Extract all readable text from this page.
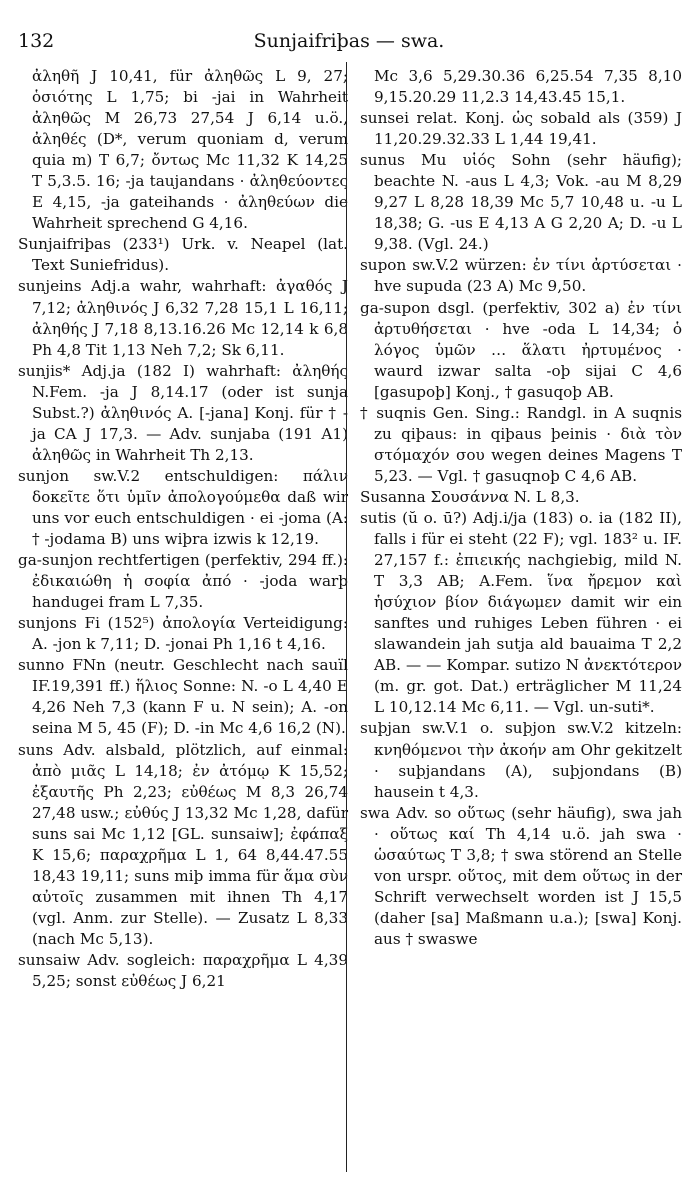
132	Sunjaifriþas — swa.

ἀληθῆ J 10,41, für ἀληθῶς L 9, 27; ὁσιότης L 1,75; bi -jai in Wahrheit ἀληθῶς M 26,73 27,54 J 6,14 u.ö., ἀληθές (D*, verum quoniam d, verum quia m) T 6,7; ὄντως Mc 11,32 K 14,25 T 5,3.5. 16; -ja taujandans · ἀληθεύοντες E 4,15, -ja gateihands · ἀληθεύων die Wahrheit sprechend G 4,16.

Sunjaifriþas (233¹) Urk. v. Neapel (lat. Text Suniefridus).

sunjeins Adj.a wahr, wahrhaft: ἀγαθός J 7,12; ἀληθινός J 6,32 7,28 15,1 L 16,11; ἀληθής J 7,18 8,13.16.26 Mc 12,14 k 6,8 Ph 4,8 Tit 1,13 Neh 7,2; Sk 6,11.

sunjis* Adj.ja (182 I) wahrhaft: ἀληθής N.Fem. -ja J 8,14.17 (oder ist sunja Subst.?) ἀληθινός A. [-jana] Konj. für † -ja CA J 17,3. — Adv. sunjaba (191 A1) ἀληθῶς in Wahrheit Th 2,13.

sunjon sw.V.2 entschuldigen: πάλιν δοκεῖτε ὅτι ὑμῖν ἀπολογούμεθα daß wir uns vor euch entschuldigen · ei -joma (A: † -jodama B) uns wiþra izwis k 12,19.

ga-sunjon rechtfertigen (perfektiv, 294 ff.): ἐδικαιώθη ἡ σοφία ἀπό · -joda warþ handugei fram L 7,35.

sunjons Fi (152⁵) ἀπολογία Verteidigung: A. -jon k 7,11; D. -jonai Ph 1,16 t 4,16.

sunno FNn (neutr. Geschlecht nach sauïl IF.19,391 ff.) ἥλιος Sonne: N. -o L 4,40 E 4,26 Neh 7,3 (kann F u. N sein); A. -on seina M 5, 45 (F); D. -in Mc 4,6 16,2 (N).

suns Adv. alsbald, plötzlich, auf einmal: ἀπὸ μιᾶς L 14,18; ἐν ἀτόμῳ K 15,52; ἐξαυτῆς Ph 2,23; εὐθέως M 8,3 26,74 27,48 usw.; εὐθύς J 13,32 Mc 1,28, dafür suns sai Mc 1,12 [GL. sunsaiw]; ἐφάπαξ K 15,6; παραχρῆμα L 1, 64 8,44.47.55 18,43 19,11; suns miþ imma für ἅμα σὺν αὐτοῖς zusammen mit ihnen Th 4,17 (vgl. Anm. zur Stelle). — Zusatz L 8,33 (nach Mc 5,13).

sunsaiw Adv. sogleich: παραχρῆμα L 4,39 5,25; sonst εὐθέως J 6,21

Mc 3,6 5,29.30.36 6,25.54 7,35 8,10 9,15.20.29 11,2.3 14,43.45 15,1.

sunsei relat. Konj. ὡς sobald als (359) J 11,20.29.32.33 L 1,44 19,41.

sunus Mu υἱός Sohn (sehr häufig); beachte N. -aus L 4,3; Vok. -au M 8,29 9,27 L 8,28 18,39 Mc 5,7 10,48 u. -u L 18,38; G. -us E 4,13 A G 2,20 A; D. -u L 9,38. (Vgl. 24.)

supon sw.V.2 würzen: ἐν τίνι ἀρτύσεται · hve supuda (23 A) Mc 9,50.

ga-supon dsgl. (perfektiv, 302 a) ἐν τίνι ἀρτυθήσεται · hve -oda L 14,34; ὁ λόγος ὑμῶν … ἅλατι ἠρτυμένος · waurd izwar salta -oþ sijai C 4,6 [gasupoþ] Konj., † gasuqoþ AB.

† suqnis Gen. Sing.: Randgl. in A suqnis zu qiþaus: in qiþaus þeinis · διὰ τὸν στόμαχόν σου wegen deines Magens T 5,23. — Vgl. † gasuqnoþ C 4,6 AB.

Susanna Σουσάννα N. L 8,3.

sutis (ŭ o. ū?) Adj.i/ja (183) o. ia (182 II), falls i für ei steht (22 F); vgl. 183² u. IF. 27,157 f.: ἐπιεικής nachgiebig, mild N. T 3,3 AB; A.Fem. ἵνα ἤρεμον καὶ ἡσύχιον βίον διάγωμεν damit wir ein sanftes und ruhiges Leben führen · ei slawandein jah sutja ald bauaima T 2,2 AB. — — Kompar. sutizo N ἀνεκτότερον (m. gr. got. Dat.) erträglicher M 11,24 L 10,12.14 Mc 6,11. — Vgl. un-suti*.

suþjan sw.V.1 o. suþjon sw.V.2 kitzeln: κνηθόμενοι τὴν ἀκοήν am Ohr gekitzelt · suþjandans (A), suþjondans (B) hausein t 4,3.

swa Adv. so οὕτως (sehr häufig), swa jah · οὕτως καί Th 4,14 u.ö. jah swa · ὡσαύτως T 3,8; † swa störend an Stelle von urspr. οὕτος, mit dem οὕτως in der Schrift verwechselt worden ist J 15,5 (daher [sa] Maßmann u.a.); [swa] Konj. aus † swaswe
